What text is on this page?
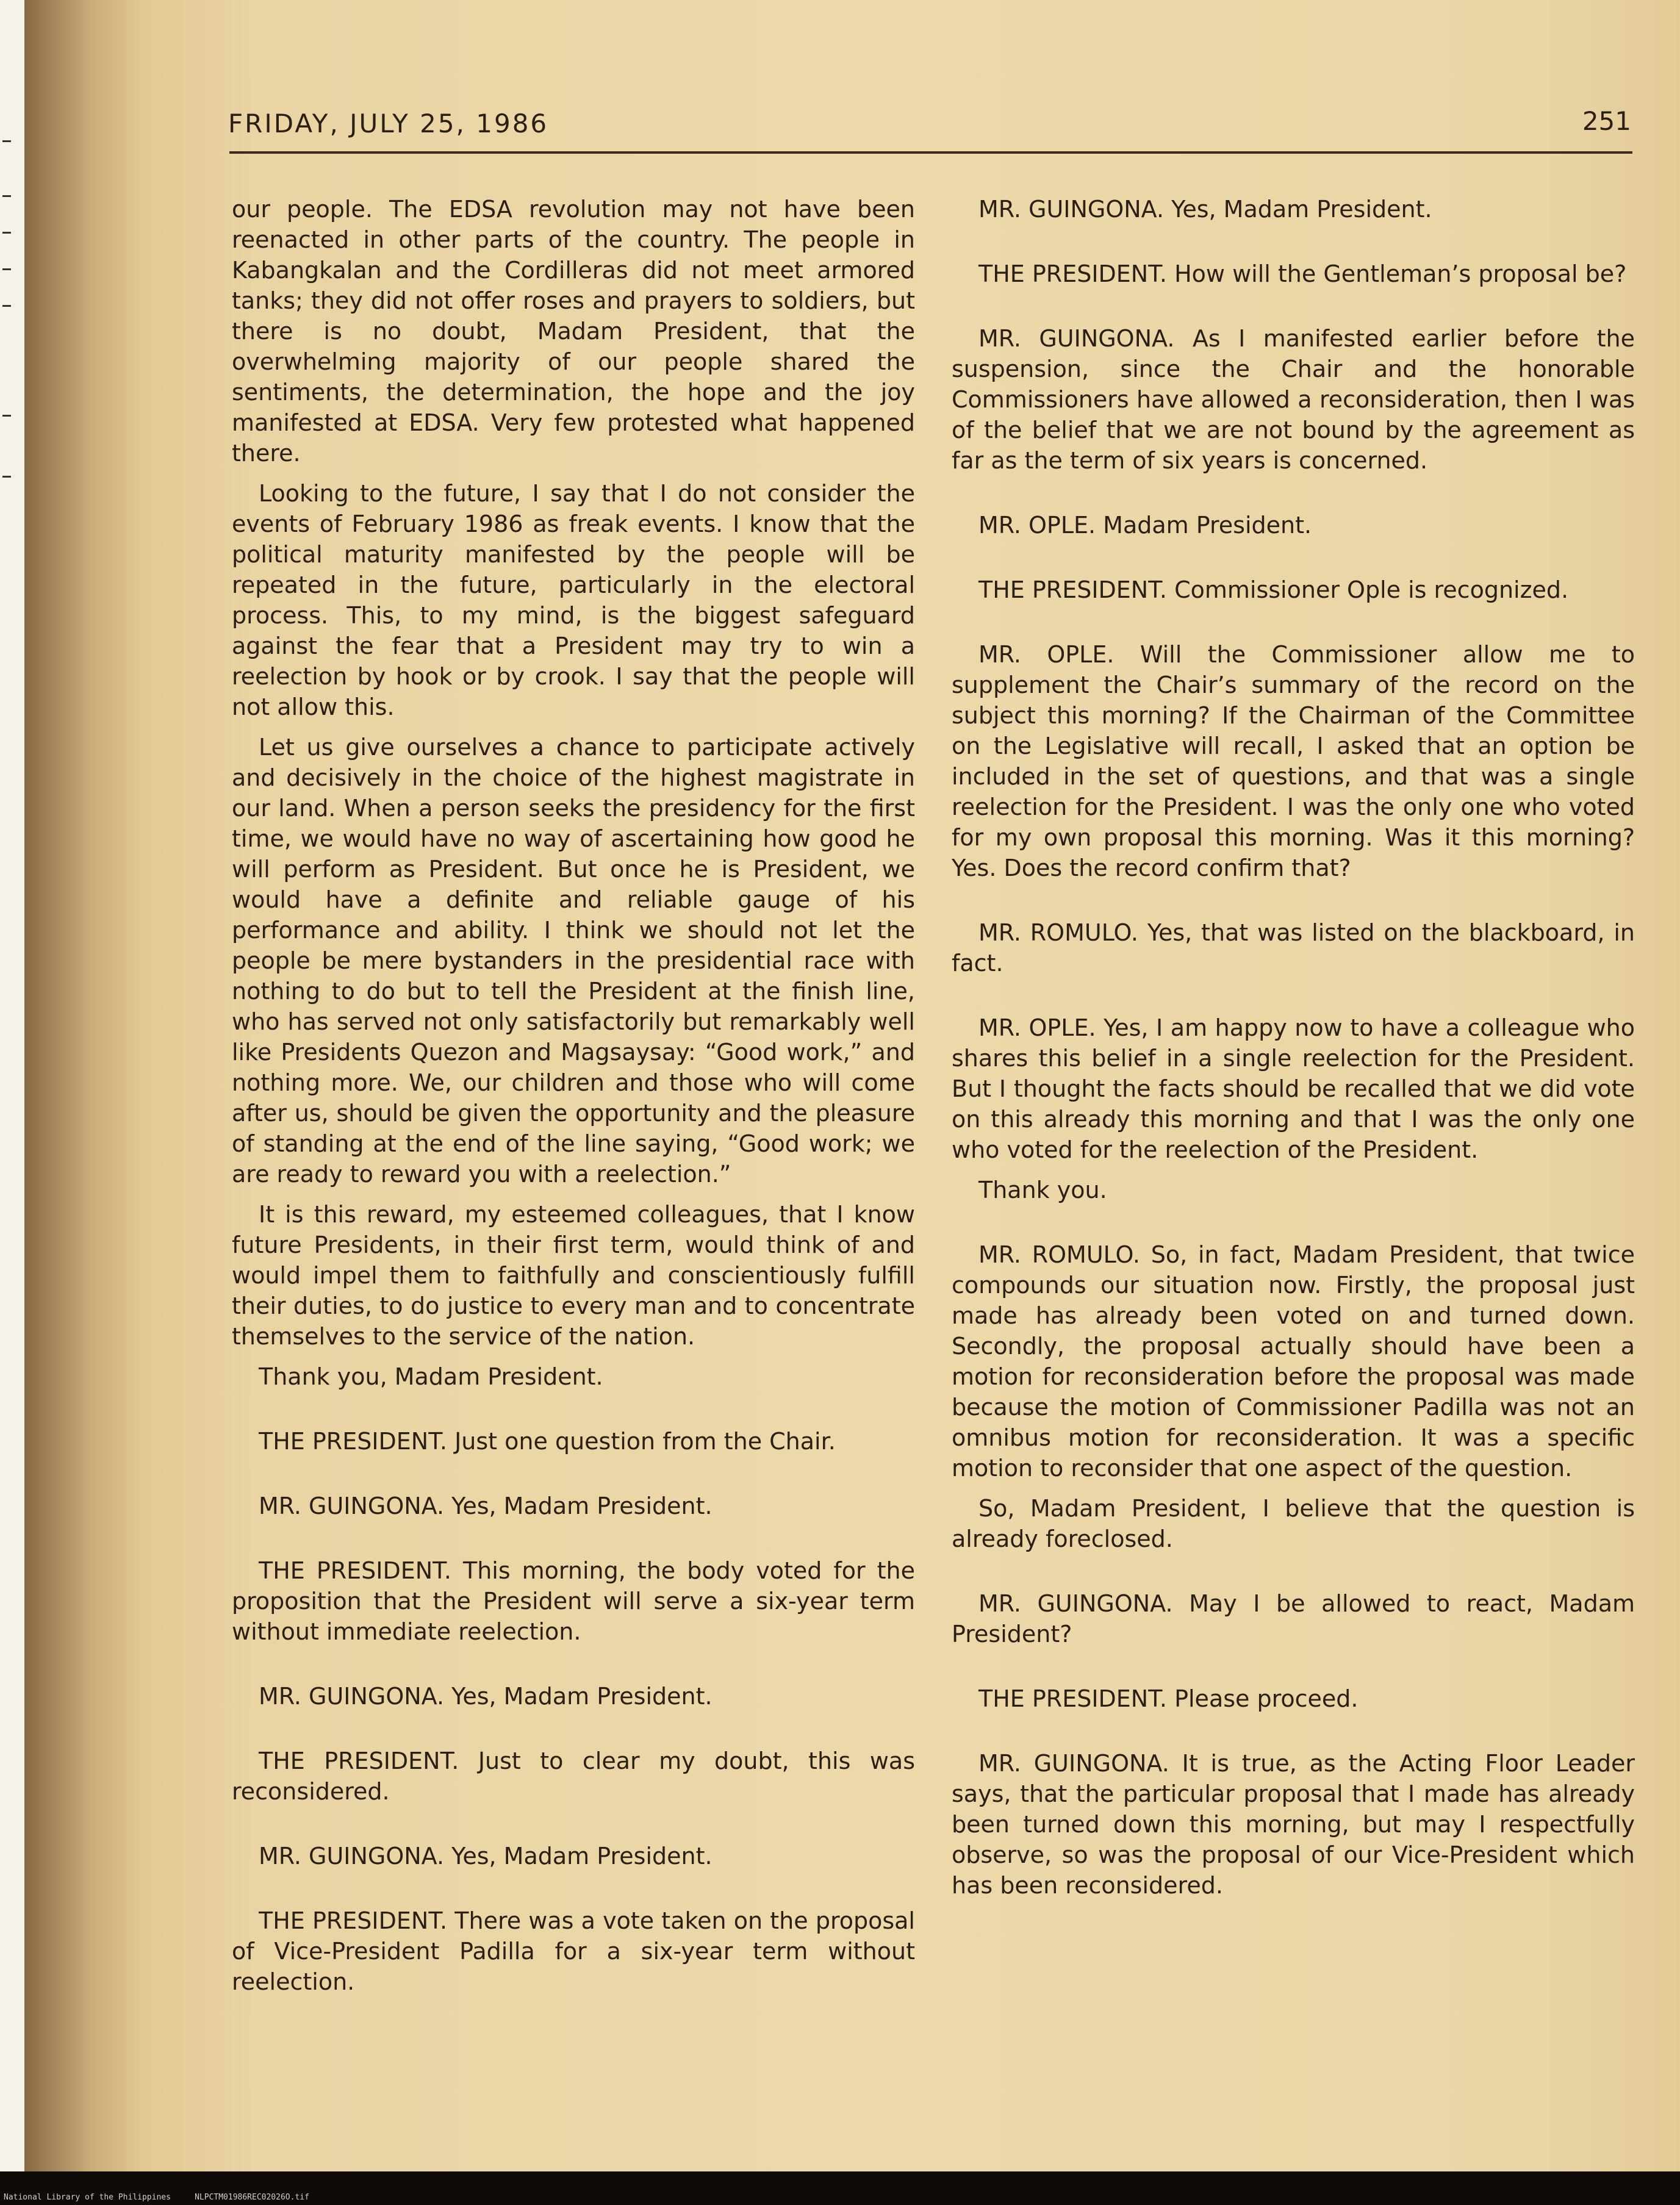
FRIDAY, JULY 25, 1986	251

our people. The EDSA revolution may not have been reenacted in other parts of the country. The people in Kabangkalan and the Cordilleras did not meet armored tanks; they did not offer roses and prayers to soldiers, but there is no doubt, Madam President, that the overwhelming majority of our people shared the sentiments, the determination, the hope and the joy manifested at EDSA. Very few protested what happened there.

Looking to the future, I say that I do not consider the events of February 1986 as freak events. I know that the political maturity manifested by the people will be repeated in the future, particularly in the electoral process. This, to my mind, is the biggest safeguard against the fear that a President may try to win a reelection by hook or by crook. I say that the people will not allow this.

Let us give ourselves a chance to participate actively and decisively in the choice of the highest magistrate in our land. When a person seeks the presidency for the first time, we would have no way of ascertaining how good he will perform as President. But once he is President, we would have a definite and reliable gauge of his performance and ability. I think we should not let the people be mere bystanders in the presidential race with nothing to do but to tell the President at the finish line, who has served not only satisfactorily but remarkably well like Presidents Quezon and Magsaysay: “Good work,” and nothing more. We, our children and those who will come after us, should be given the opportunity and the pleasure of standing at the end of the line saying, “Good work; we are ready to reward you with a reelection.”

It is this reward, my esteemed colleagues, that I know future Presidents, in their first term, would think of and would impel them to faithfully and conscientiously fulfill their duties, to do justice to every man and to concentrate themselves to the service of the nation.

Thank you, Madam President.

THE PRESIDENT. Just one question from the Chair.

MR. GUINGONA. Yes, Madam President.

THE PRESIDENT. This morning, the body voted for the proposition that the President will serve a six-year term without immediate reelection.

MR. GUINGONA. Yes, Madam President.

THE PRESIDENT. Just to clear my doubt, this was reconsidered.

MR. GUINGONA. Yes, Madam President.

THE PRESIDENT. There was a vote taken on the proposal of Vice-President Padilla for a six-year term without reelection.

MR. GUINGONA. Yes, Madam President.

THE PRESIDENT. How will the Gentleman’s proposal be?

MR. GUINGONA. As I manifested earlier before the suspension, since the Chair and the honorable Commissioners have allowed a reconsideration, then I was of the belief that we are not bound by the agreement as far as the term of six years is concerned.

MR. OPLE. Madam President.

THE PRESIDENT. Commissioner Ople is recognized.

MR. OPLE. Will the Commissioner allow me to supplement the Chair’s summary of the record on the subject this morning? If the Chairman of the Committee on the Legislative will recall, I asked that an option be included in the set of questions, and that was a single reelection for the President. I was the only one who voted for my own proposal this morning. Was it this morning? Yes. Does the record confirm that?

MR. ROMULO. Yes, that was listed on the blackboard, in fact.

MR. OPLE. Yes, I am happy now to have a colleague who shares this belief in a single reelection for the President. But I thought the facts should be recalled that we did vote on this already this morning and that I was the only one who voted for the reelection of the President.

Thank you.

MR. ROMULO. So, in fact, Madam President, that twice compounds our situation now. Firstly, the proposal just made has already been voted on and turned down. Secondly, the proposal actually should have been a motion for reconsideration before the proposal was made because the motion of Commissioner Padilla was not an omnibus motion for reconsideration. It was a specific motion to reconsider that one aspect of the question.

So, Madam President, I believe that the question is already foreclosed.

MR. GUINGONA. May I be allowed to react, Madam President?

THE PRESIDENT. Please proceed.

MR. GUINGONA. It is true, as the Acting Floor Leader says, that the particular proposal that I made has already been turned down this morning, but may I respectfully observe, so was the proposal of our Vice-President which has been reconsidered.

National Library of the Philippines	NLPCTM01986REC02026O.tif
